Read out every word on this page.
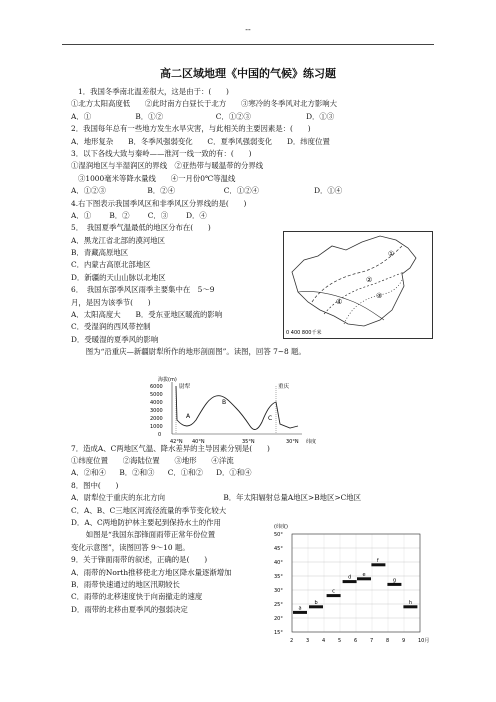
--
高二区域地理《中国的气候》练习题
1．我国冬季南北温差很大，这是由于：(　　)
①北方太阳高度低　　②此时南方白昼长于北方　　③寒冷的冬季风对北方影响大
A．①	B．①②	C．①②③	D．①③
2．我国每年总有一些地方发生水旱灾害，与此相关的主要因素是：(　　)
A．地形复杂　　B．冬季风强弱变化　　C．夏季风强弱变化　　D．纬度位置
3．以下各线大致与秦岭——淮河一线一致的有：(　　)
①湿润地区与半湿润区的界线　②亚热带与暖温带的分界线
③1000毫米等降水量线　　④一月份0℃等温线
A．①②③	B．②④	C．①②④	D．①④
4.右下图表示我国季风区和非季风区分界线的是(　　)
A．① B．② C．③ D．④
5．　我国夏季气温最低的地区分布在(　　)
A．黑龙江省北部的漠河地区
B．青藏高原地区
C．内蒙古高原北部地区
D．新疆的天山山脉以北地区
6．　我国东部季风区雨季主要集中在　5～9
月，是因为该季节(　　)
A．太阳高度大　　B．受东亚地区暖流的影响
C．受湿润的西风带控制
D．受暖湿的夏季风的影响
　　图为“沿重庆—新疆尉犁所作的地形剖面图”。读图，回答 7~8 题。
7．造成A、C两地区气温、降水差异的主导因素分别是(　　)
①纬度位置　　②海陆位置　　③地形　　④洋流
A．②和④ B．②和③ C．①和② D．①和④
8．图中(　　)
A．尉犁位于重庆的东北方向	B．年太阳辐射总量A地区>B地区>C地区
C．A、B、C三地区河流径流量的季节变化较大
D．A、C两地防护林主要起到保持水土的作用
　　如图是“我国东部锋面雨带正常年份位置
变化示意图”，读图回答 9～10 题。
9．关于锋面雨带的叙述，正确的是(　　)
A．雨带的North推移使北方地区降水量逐渐增加
B．雨带快速通过的地区汛期较长
C．雨带的北移速度快于向南撤走的速度
D．雨带的北移由夏季风的强弱决定
①
②
③
④
0 400 800千米
海拔(m)
6000
5000
4000
3000
2000
1000
0
尉犁	重庆
A
B
C
42°N 40°N	35°N	30°N 纬度
(纬度)
50°
45°
40°
35°
30°
25°
20°
15°
2	3	4	5	6	7	8	9	10月
a
b
c
d e
f
g
h
